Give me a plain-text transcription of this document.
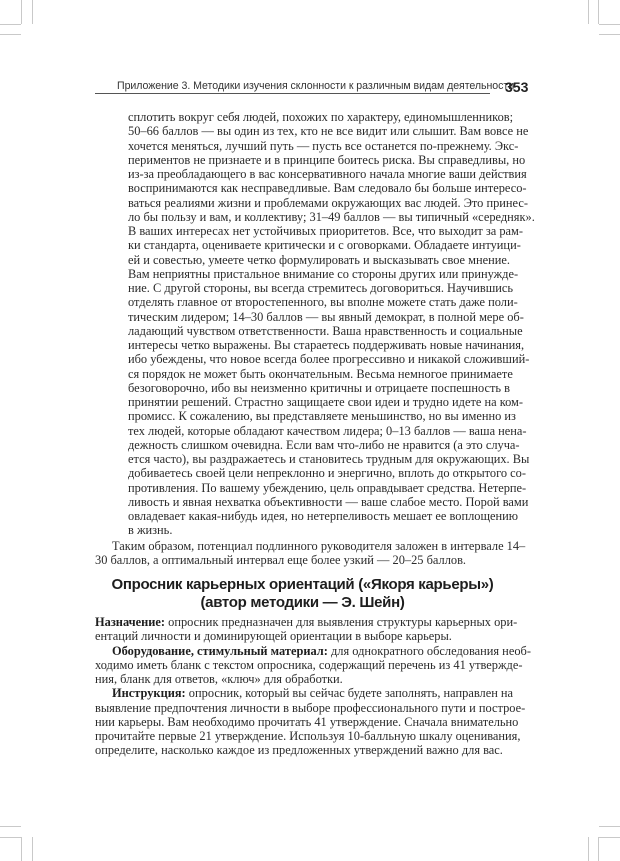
Приложение 3. Методики изучения склонности к различным видам деятельности
353
сплотить вокруг себя людей, похожих по характеру, единомышленников;
50–66 баллов — вы один из тех, кто не все видит или слышит. Вам вовсе не
хочется меняться, лучший путь — пусть все останется по-прежнему. Экс-
периментов не признаете и в принципе боитесь риска. Вы справедливы, но
из-за преобладающего в вас консервативного начала многие ваши действия
воспринимаются как несправедливые. Вам следовало бы больше интересо-
ваться реалиями жизни и проблемами окружающих вас людей. Это принес-
ло бы пользу и вам, и коллективу; 31–49 баллов — вы типичный «середняк».
В ваших интересах нет устойчивых приоритетов. Все, что выходит за рам-
ки стандарта, оцениваете критически и с оговорками. Обладаете интуици-
ей и совестью, умеете четко формулировать и высказывать свое мнение.
Вам неприятны пристальное внимание со стороны других или принужде-
ние. С другой стороны, вы всегда стремитесь договориться. Научившись
отделять главное от второстепенного, вы вполне можете стать даже поли-
тическим лидером; 14–30 баллов — вы явный демократ, в полной мере об-
ладающий чувством ответственности. Ваша нравственность и социальные
интересы четко выражены. Вы стараетесь поддерживать новые начинания,
ибо убеждены, что новое всегда более прогрессивно и никакой сложивший-
ся порядок не может быть окончательным. Весьма немногое принимаете
безоговорочно, ибо вы неизменно критичны и отрицаете поспешность в
принятии решений. Страстно защищаете свои идеи и трудно идете на ком-
промисс. К сожалению, вы представляете меньшинство, но вы именно из
тех людей, которые обладают качеством лидера; 0–13 баллов — ваша нена-
дежность слишком очевидна. Если вам что-либо не нравится (а это случа-
ется часто), вы раздражаетесь и становитесь трудным для окружающих. Вы
добиваетесь своей цели непреклонно и энергично, вплоть до открытого со-
противления. По вашему убеждению, цель оправдывает средства. Нетерпе-
ливость и явная нехватка объективности — ваше слабое место. Порой вами
овладевает какая-нибудь идея, но нетерпеливость мешает ее воплощению
в жизнь.
Таким образом, потенциал подлинного руководителя заложен в интервале 14–
30 баллов, а оптимальный интервал еще более узкий — 20–25 баллов.
Опросник карьерных ориентаций («Якоря карьеры»)
(автор методики — Э. Шейн)
Назначение: опросник предназначен для выявления структуры карьерных ори-
ентаций личности и доминирующей ориентации в выборе карьеры.
Оборудование, стимульный материал: для однократного обследования необ-
ходимо иметь бланк с текстом опросника, содержащий перечень из 41 утвержде-
ния, бланк для ответов, «ключ» для обработки.
Инструкция: опросник, который вы сейчас будете заполнять, направлен на
выявление предпочтения личности в выборе профессионального пути и построе-
нии карьеры. Вам необходимо прочитать 41 утверждение. Сначала внимательно
прочитайте первые 21 утверждение. Используя 10-балльную шкалу оценивания,
определите, насколько каждое из предложенных утверждений важно для вас.
